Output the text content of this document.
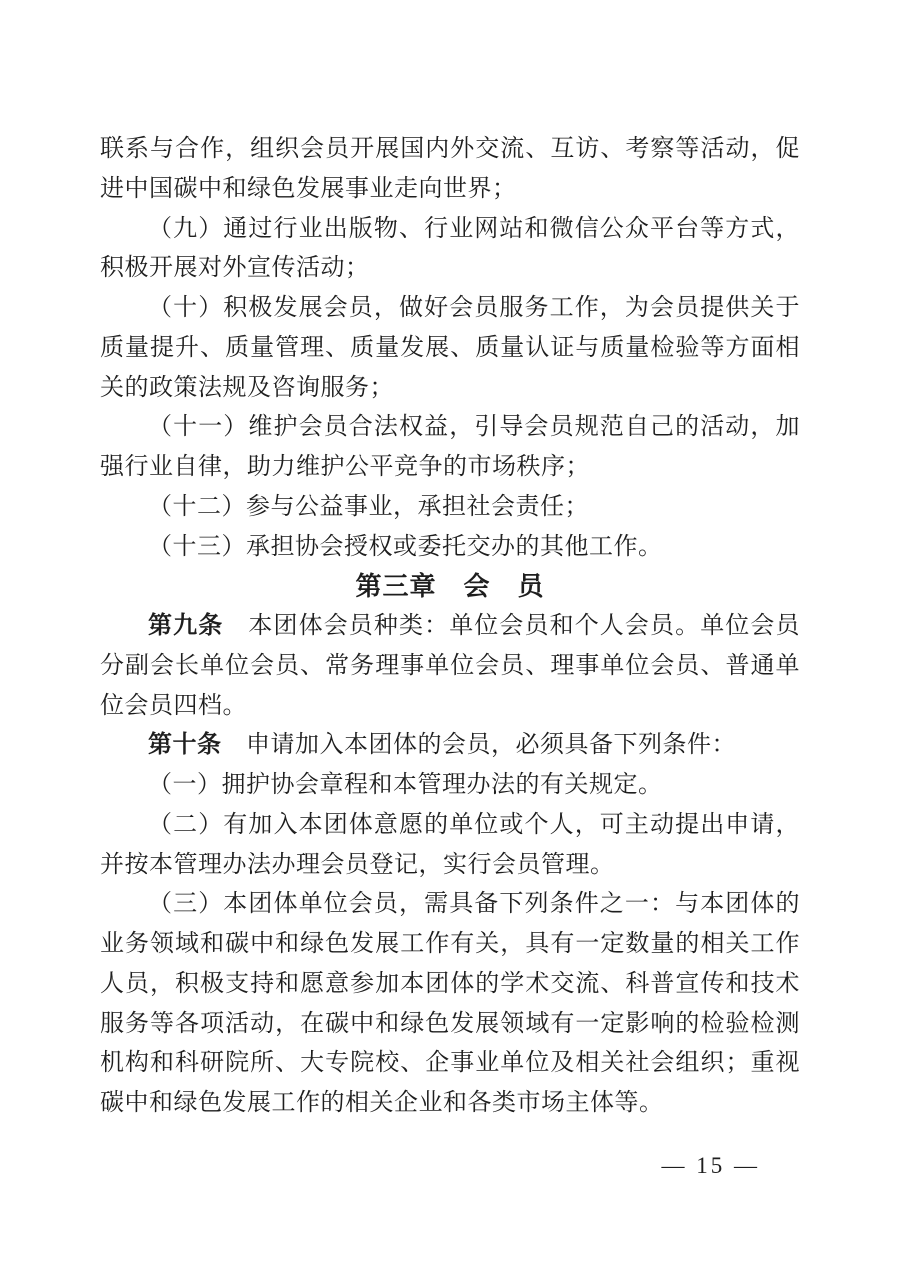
联系与合作，组织会员开展国内外交流、互访、考察等活动，促进中国碳中和绿色发展事业走向世界；

（九）通过行业出版物、行业网站和微信公众平台等方式，积极开展对外宣传活动；

（十）积极发展会员，做好会员服务工作，为会员提供关于质量提升、质量管理、质量发展、质量认证与质量检验等方面相关的政策法规及咨询服务；

（十一）维护会员合法权益，引导会员规范自己的活动，加强行业自律，助力维护公平竞争的市场秩序；

（十二）参与公益事业，承担社会责任；

（十三）承担协会授权或委托交办的其他工作。

第三章　会　员

第九条　本团体会员种类：单位会员和个人会员。单位会员分副会长单位会员、常务理事单位会员、理事单位会员、普通单位会员四档。

第十条　申请加入本团体的会员，必须具备下列条件：

（一）拥护协会章程和本管理办法的有关规定。

（二）有加入本团体意愿的单位或个人，可主动提出申请，并按本管理办法办理会员登记，实行会员管理。

（三）本团体单位会员，需具备下列条件之一：与本团体的业务领域和碳中和绿色发展工作有关，具有一定数量的相关工作人员，积极支持和愿意参加本团体的学术交流、科普宣传和技术服务等各项活动，在碳中和绿色发展领域有一定影响的检验检测机构和科研院所、大专院校、企事业单位及相关社会组织；重视碳中和绿色发展工作的相关企业和各类市场主体等。

— 15 —
